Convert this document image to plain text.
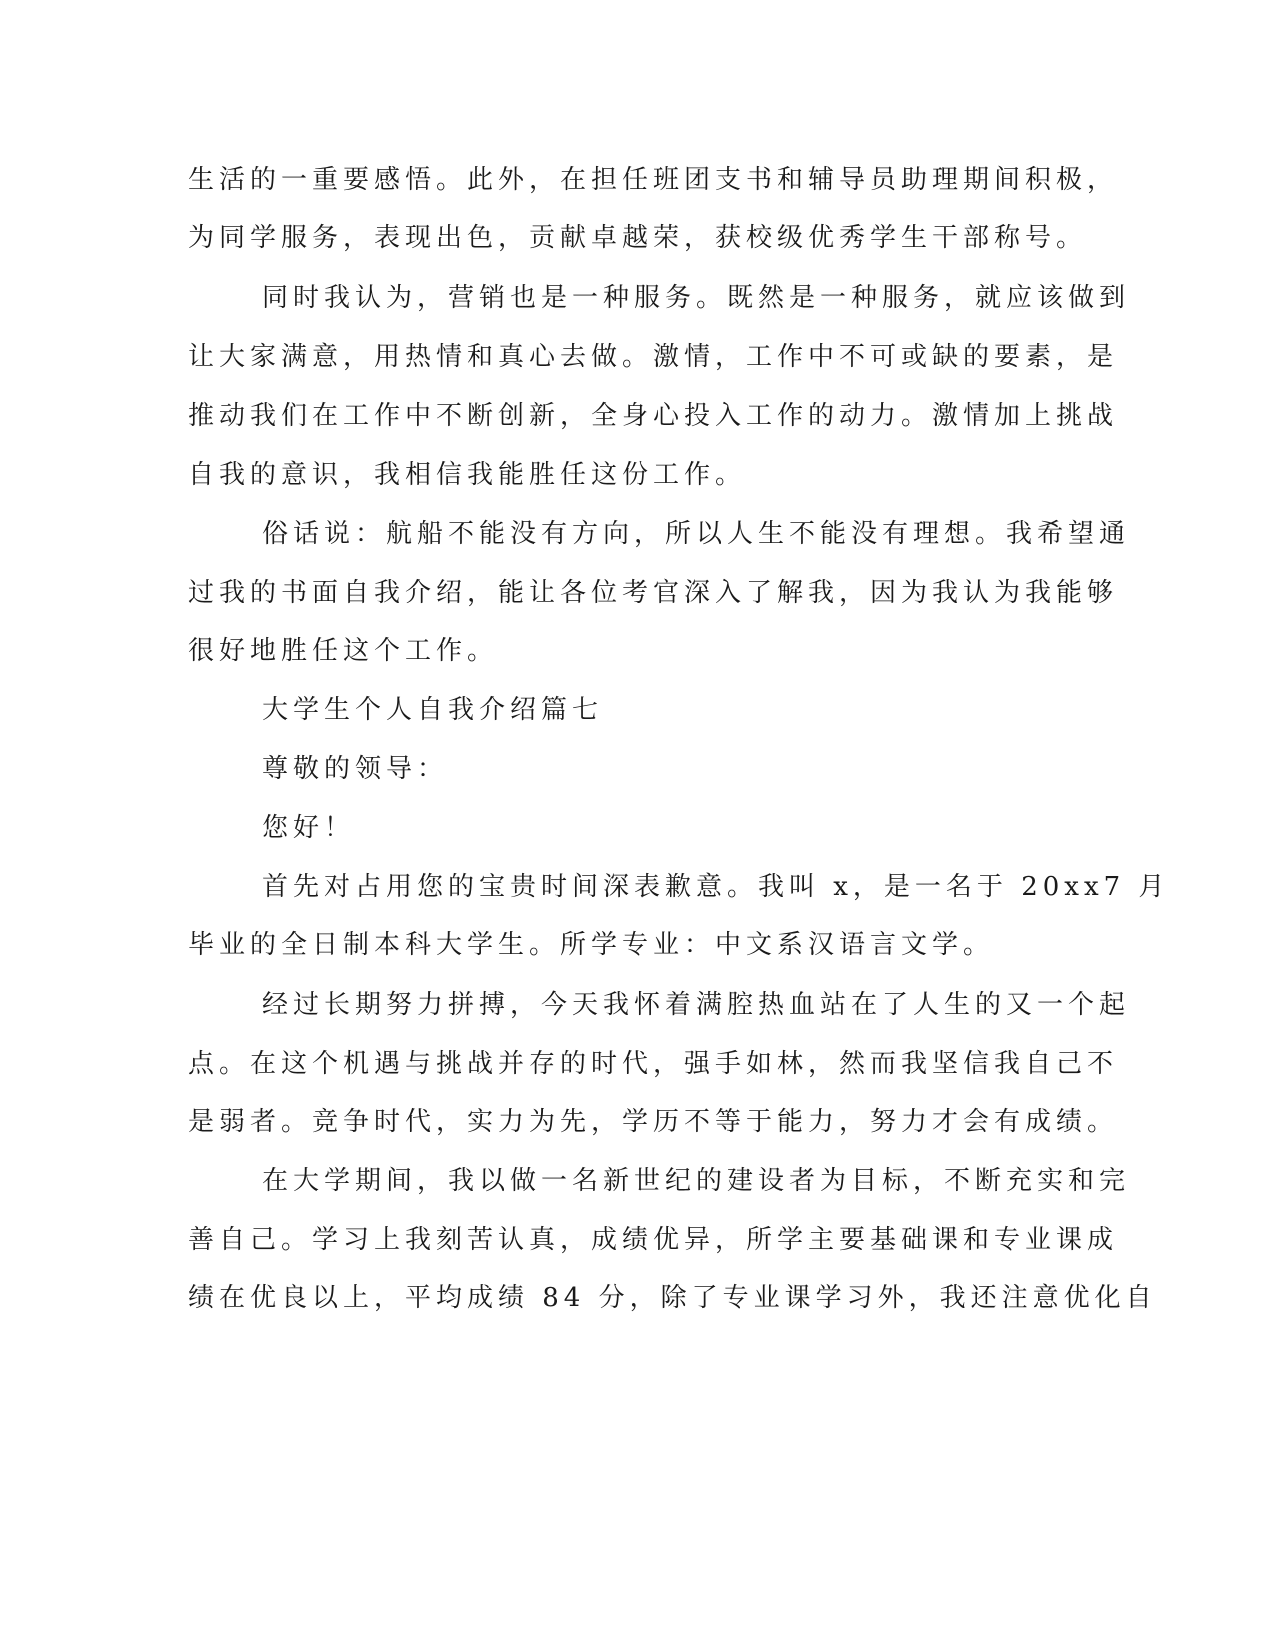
生活的一重要感悟。此外，在担任班团支书和辅导员助理期间积极，
为同学服务，表现出色，贡献卓越荣，获校级优秀学生干部称号。
同时我认为，营销也是一种服务。既然是一种服务，就应该做到
让大家满意，用热情和真心去做。激情，工作中不可或缺的要素，是
推动我们在工作中不断创新，全身心投入工作的动力。激情加上挑战
自我的意识，我相信我能胜任这份工作。
俗话说：航船不能没有方向，所以人生不能没有理想。我希望通
过我的书面自我介绍，能让各位考官深入了解我，因为我认为我能够
很好地胜任这个工作。
大学生个人自我介绍篇七
尊敬的领导：
您好！
首先对占用您的宝贵时间深表歉意。我叫 x，是一名于 20xx7 月
毕业的全日制本科大学生。所学专业：中文系汉语言文学。
经过长期努力拼搏，今天我怀着满腔热血站在了人生的又一个起
点。在这个机遇与挑战并存的时代，强手如林，然而我坚信我自己不
是弱者。竞争时代，实力为先，学历不等于能力，努力才会有成绩。
在大学期间，我以做一名新世纪的建设者为目标，不断充实和完
善自己。学习上我刻苦认真，成绩优异，所学主要基础课和专业课成
绩在优良以上，平均成绩 84 分，除了专业课学习外，我还注意优化自
